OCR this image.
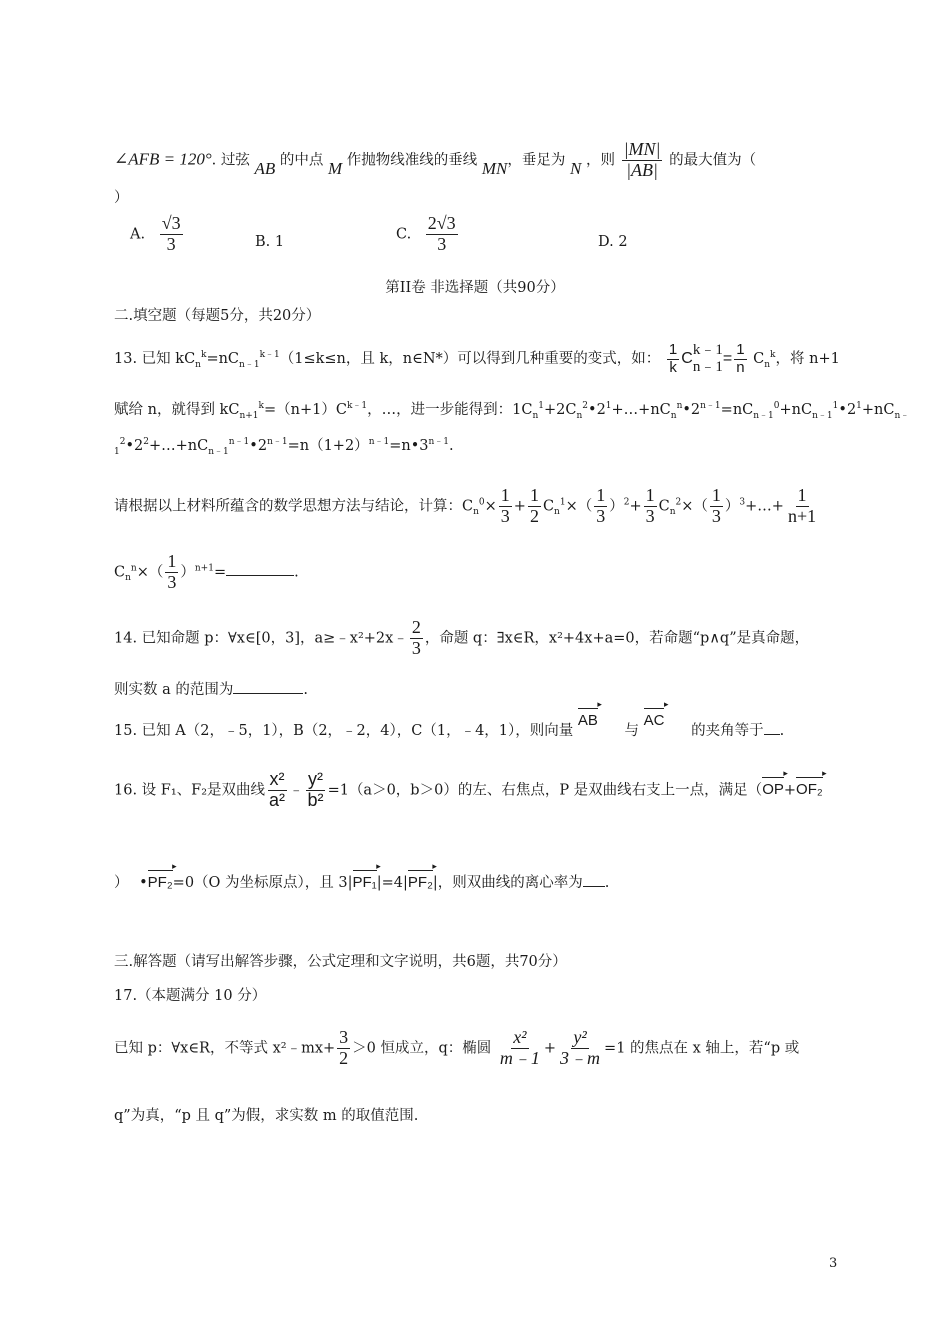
∠AFB = 120°. 过弦 AB 的中点 M 作抛物线准线的垂线 MN，垂足为 N ，则 $\frac{|MN|}{|AB|}$ 的最大值为（
）
A. $\frac{√3}{3}$	B. 1	C. $\frac{2√3}{3}$	D. 2
第II卷 非选择题（共90分）
二.填空题（每题5分，共20分）
13. 已知 $kC_n^k=nC_{n﹣1}^{k﹣1}(1\le k\le n$，且 k，n∈N*）可以得到几种重要的变式，如： $\frac{1}{k}$ C k﹣1
n﹣1 = $\frac{1}{n} C_n^k$，将 n+1
赋给 n，就得到 $kC_{n+1}^k=(n+1)C^{k﹣1}$，…，进一步能得到：$1C_n^1+2C_n^2•2^1+\dots+nC_n^n•2^{n﹣1}=nC_{n﹣1}^0+nC_{n﹣1}^1•2^1+nC_{n﹣}$
$_1^2•2^2+\dots+nC_{n﹣1}^{n﹣1}•2^{n﹣1}=n(1+2)^{n﹣1}=n•3^{n﹣1}$.
请根据以上材料所蕴含的数学思想方法与结论，计算：$C_n^0\times \frac{1}{3} + \frac{1}{2} C_n^1\times( \frac{1}{3} )^2+ \frac{1}{3} C_n^2\times( \frac{1}{3}$ ）$^3+\dots+ \frac{1}{n+1}$
$C_n^n\times( \frac{1}{3} )^{n+1}=$	.
14. 已知命题 p：∀x∈[0，3]，a≥﹣x²+2x﹣ $\frac{2}{3}$ ，命题 q：∃x∈R，x²+4x+a=0，若命题“p∧q”是真命题，
则实数 a 的范围为	.
15. 已知 A（2，﹣5，1），B（2，﹣2，4），C（1，﹣4，1），则向量 AB ▸ 与 AC ▸ 的夹角等于 .
16. 设 F₁、F₂是双曲线 $\frac{\text{x²}}{\text{a²}}$ ﹣ $\frac{\text{y²}}{\text{b²}} =1(a>0$，b＞0）的左、右焦点，P 是双曲线右支上一点，满足（OP ▸+OF₂ ▸
） •PF₂ ▸=0（O 为坐标原点），且 3|PF₁ ▸|=4|PF₂ ▸|，则双曲线的离心率为 .
三.解答题（请写出解答步骤，公式定理和文字说明，共6题，共70分）
17.（本题满分 10 分）
已知 p：∀x∈R，不等式 x²﹣mx+ $\frac{3}{2} >0$ 恒成立，q：椭圆 $\frac{\text{x²}}{m﹣1} + \frac{\text{y²}}{3﹣m} =1$ 的焦点在 x 轴上，若“p 或
q”为真，“p 且 q”为假，求实数 m 的取值范围.
3
